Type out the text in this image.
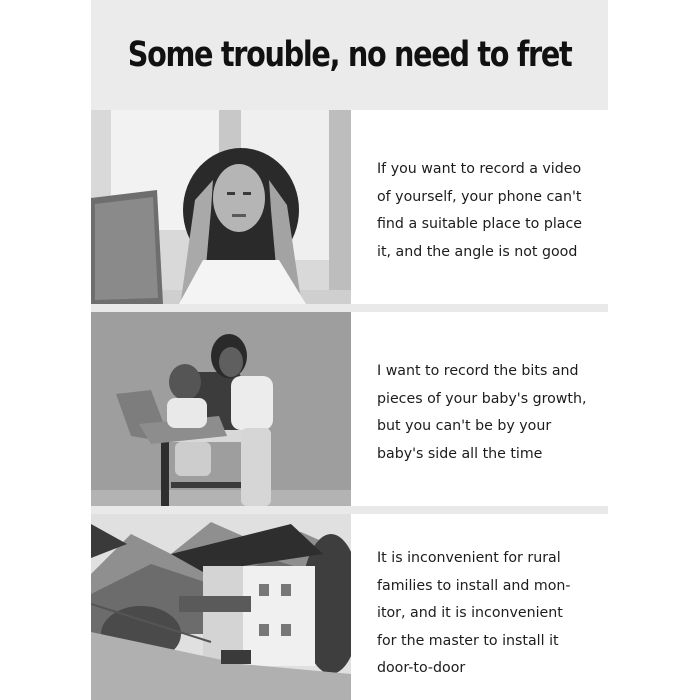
Some trouble, no need to fret
If you want to record a video
of yourself, your phone can't
find a suitable place to place
it, and the angle is not good
I want to record the bits and
pieces of your baby's growth,
but you can't be by your
baby's side all the time
It is inconvenient for rural
families to install and mon-
itor, and it is inconvenient
for the master to install it
door-to-door
